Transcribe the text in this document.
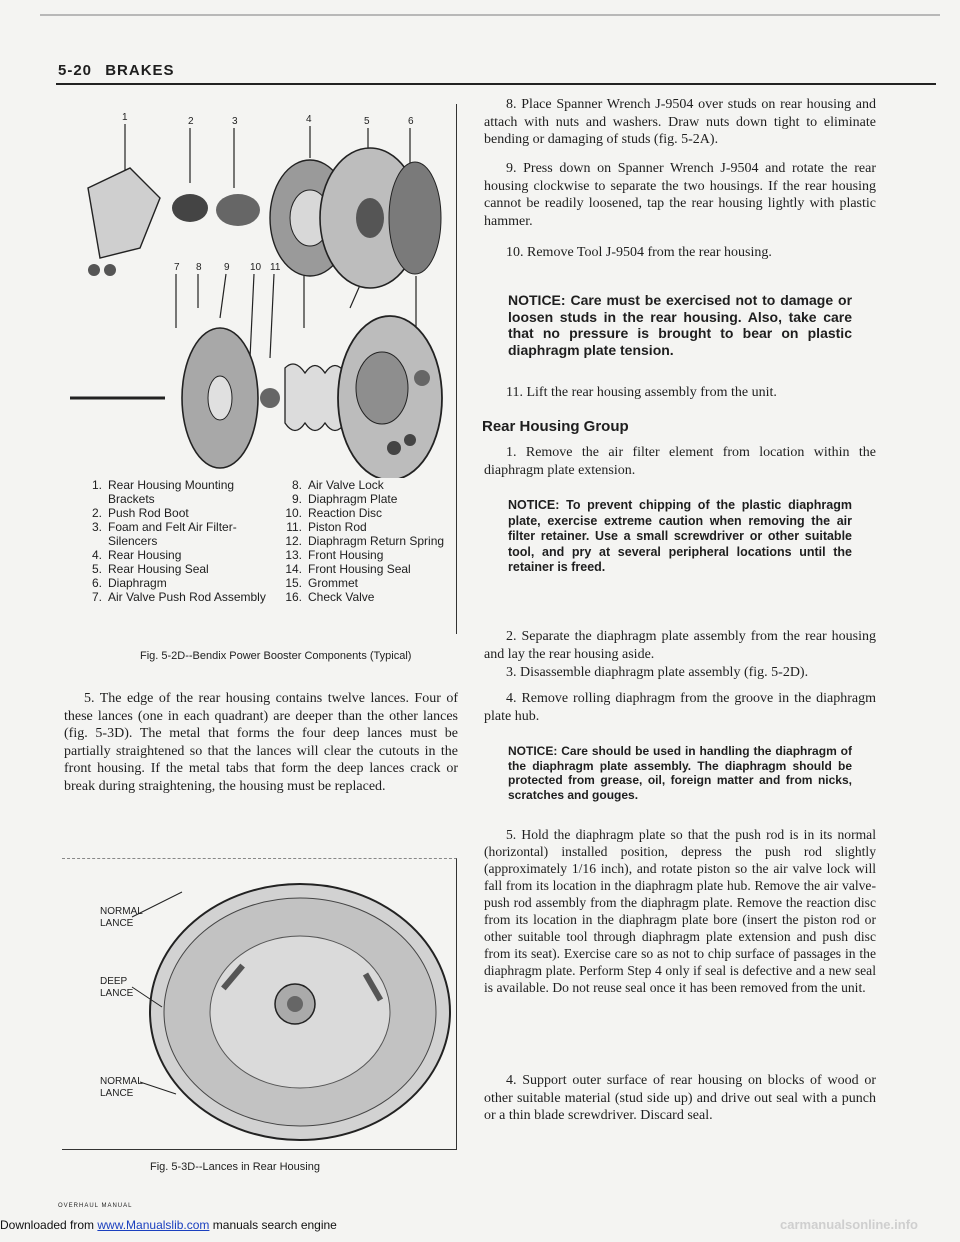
5-20 BRAKES
1	2	3	4	5	6
7 8 9 10 11
1. Rear Housing Mounting Brackets
2. Push Rod Boot
3. Foam and Felt Air Filter-Silencers
4. Rear Housing
5. Rear Housing Seal
6. Diaphragm
7. Air Valve Push Rod Assembly
8. Air Valve Lock
9. Diaphragm Plate
10. Reaction Disc
11. Piston Rod
12. Diaphragm Return Spring
13. Front Housing
14. Front Housing Seal
15. Grommet
16. Check Valve
Fig. 5-2D--Bendix Power Booster Components (Typical)
5. The edge of the rear housing contains twelve lances. Four of these lances (one in each quadrant) are deeper than the other lances (fig. 5-3D). The metal that forms the four deep lances must be partially straightened so that the lances will clear the cutouts in the front housing. If the metal tabs that form the deep lances crack or break during straightening, the housing must be replaced.
NORMAL LANCE
DEEP LANCE
NORMAL LANCE
Fig. 5-3D--Lances in Rear Housing
8. Place Spanner Wrench J-9504 over studs on rear housing and attach with nuts and washers. Draw nuts down tight to eliminate bending or damaging of studs (fig. 5-2A).
9. Press down on Spanner Wrench J-9504 and rotate the rear housing clockwise to separate the two housings. If the rear housing cannot be readily loosened, tap the rear housing lightly with plastic hammer.
10. Remove Tool J-9504 from the rear housing.
NOTICE: Care must be exercised not to damage or loosen studs in the rear housing. Also, take care that no pressure is brought to bear on plastic diaphragm plate tension.
11. Lift the rear housing assembly from the unit.
Rear Housing Group
1. Remove the air filter element from location within the diaphragm plate extension.
NOTICE: To prevent chipping of the plastic diaphragm plate, exercise extreme caution when removing the air filter retainer. Use a small screwdriver or other suitable tool, and pry at several peripheral locations until the retainer is freed.
2. Separate the diaphragm plate assembly from the rear housing and lay the rear housing aside.
3. Disassemble diaphragm plate assembly (fig. 5-2D).
4. Remove rolling diaphragm from the groove in the diaphragm plate hub.
NOTICE: Care should be used in handling the diaphragm of the diaphragm plate assembly. The diaphragm should be protected from grease, oil, foreign matter and from nicks, scratches and gouges.
5. Hold the diaphragm plate so that the push rod is in its normal (horizontal) installed position, depress the push rod slightly (approximately 1/16 inch), and rotate piston so the air valve lock will fall from its location in the diaphragm plate hub. Remove the air valve-push rod assembly from the diaphragm plate. Remove the reaction disc from its location in the diaphragm plate bore (insert the piston rod or other suitable tool through diaphragm plate extension and push disc from its seat). Exercise care so as not to chip surface of passages in the diaphragm plate. Perform Step 4 only if seal is defective and a new seal is available. Do not reuse seal once it has been removed from the unit.
4. Support outer surface of rear housing on blocks of wood or other suitable material (stud side up) and drive out seal with a punch or a thin blade screwdriver. Discard seal.
OVERHAUL MANUAL
Downloaded from www.Manualslib.com manuals search engine	carmanualsonline.info
